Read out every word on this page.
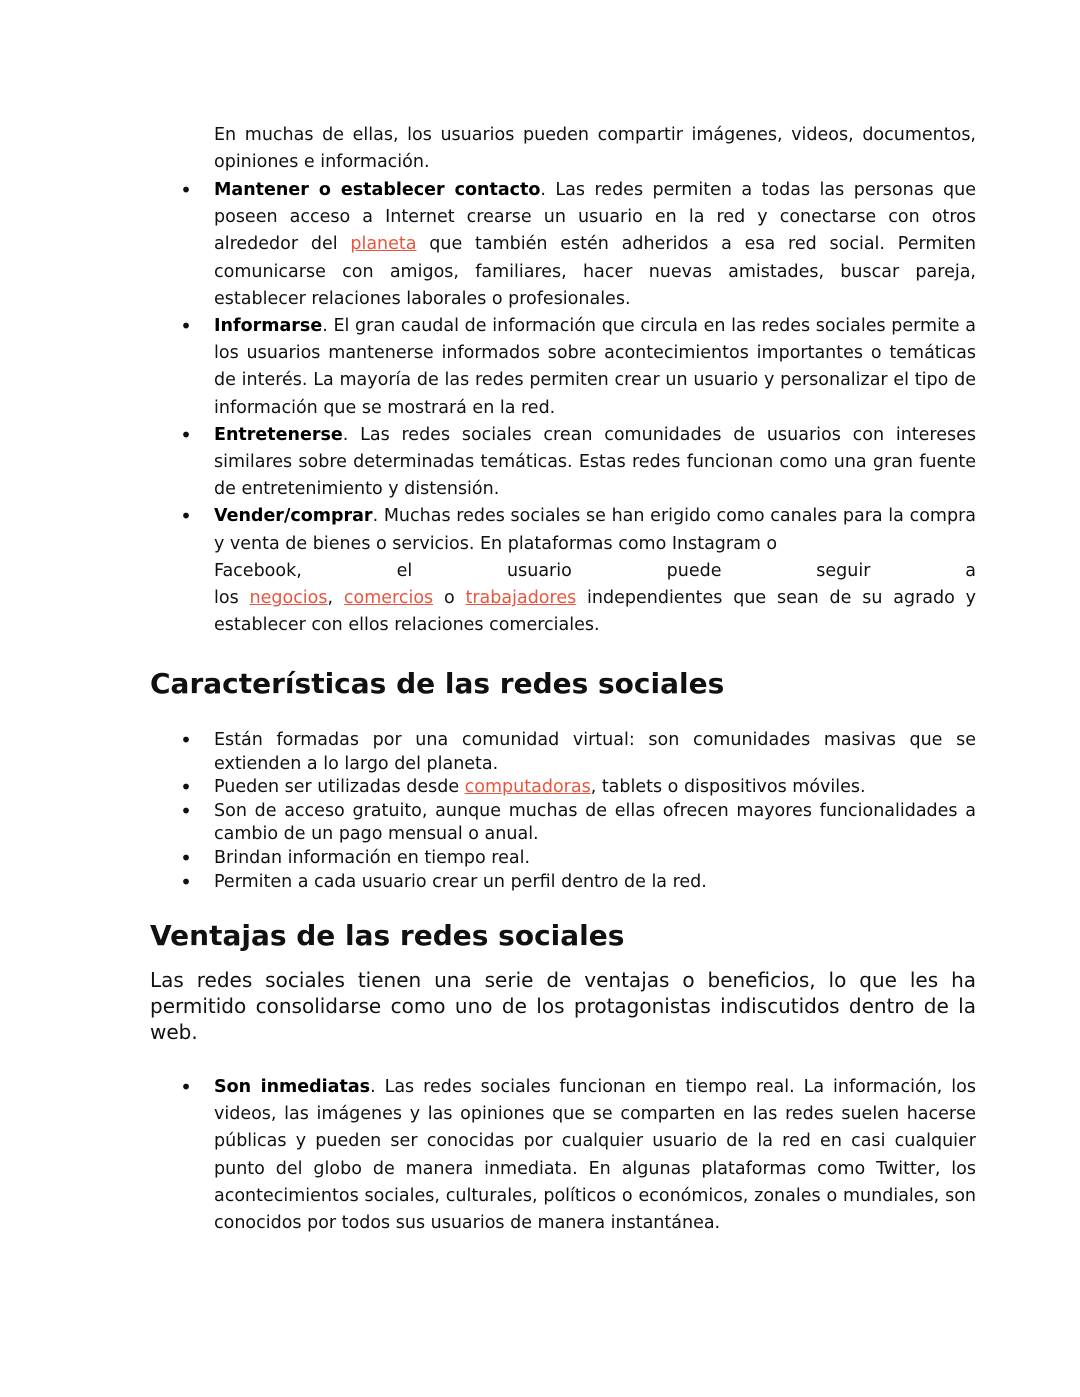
En muchas de ellas, los usuarios pueden compartir imágenes, videos, documentos, opiniones e información.
• Mantener o establecer contacto. Las redes permiten a todas las personas que poseen acceso a Internet crearse un usuario en la red y conectarse con otros alrededor del planeta que también estén adheridos a esa red social. Permiten comunicarse con amigos, familiares, hacer nuevas amistades, buscar pareja, establecer relaciones laborales o profesionales.
• Informarse. El gran caudal de información que circula en las redes sociales permite a los usuarios mantenerse informados sobre acontecimientos importantes o temáticas de interés. La mayoría de las redes permiten crear un usuario y personalizar el tipo de información que se mostrará en la red.
• Entretenerse. Las redes sociales crean comunidades de usuarios con intereses similares sobre determinadas temáticas. Estas redes funcionan como una gran fuente de entretenimiento y distensión.
• Vender/comprar. Muchas redes sociales se han erigido como canales para la compra y venta de bienes o servicios. En plataformas como Instagram o
Facebook,	el	usuario	puede	seguir	a
los negocios, comercios o trabajadores independientes que sean de su agrado y establecer con ellos relaciones comerciales.
Características de las redes sociales
• Están formadas por una comunidad virtual: son comunidades masivas que se extienden a lo largo del planeta.
• Pueden ser utilizadas desde computadoras, tablets o dispositivos móviles.
• Son de acceso gratuito, aunque muchas de ellas ofrecen mayores funcionalidades a cambio de un pago mensual o anual.
• Brindan información en tiempo real.
• Permiten a cada usuario crear un perfil dentro de la red.
Ventajas de las redes sociales
Las redes sociales tienen una serie de ventajas o beneficios, lo que les ha permitido consolidarse como uno de los protagonistas indiscutidos dentro de la web.
• Son inmediatas. Las redes sociales funcionan en tiempo real. La información, los videos, las imágenes y las opiniones que se comparten en las redes suelen hacerse públicas y pueden ser conocidas por cualquier usuario de la red en casi cualquier punto del globo de manera inmediata. En algunas plataformas como Twitter, los acontecimientos sociales, culturales, políticos o económicos, zonales o mundiales, son conocidos por todos sus usuarios de manera instantánea.
